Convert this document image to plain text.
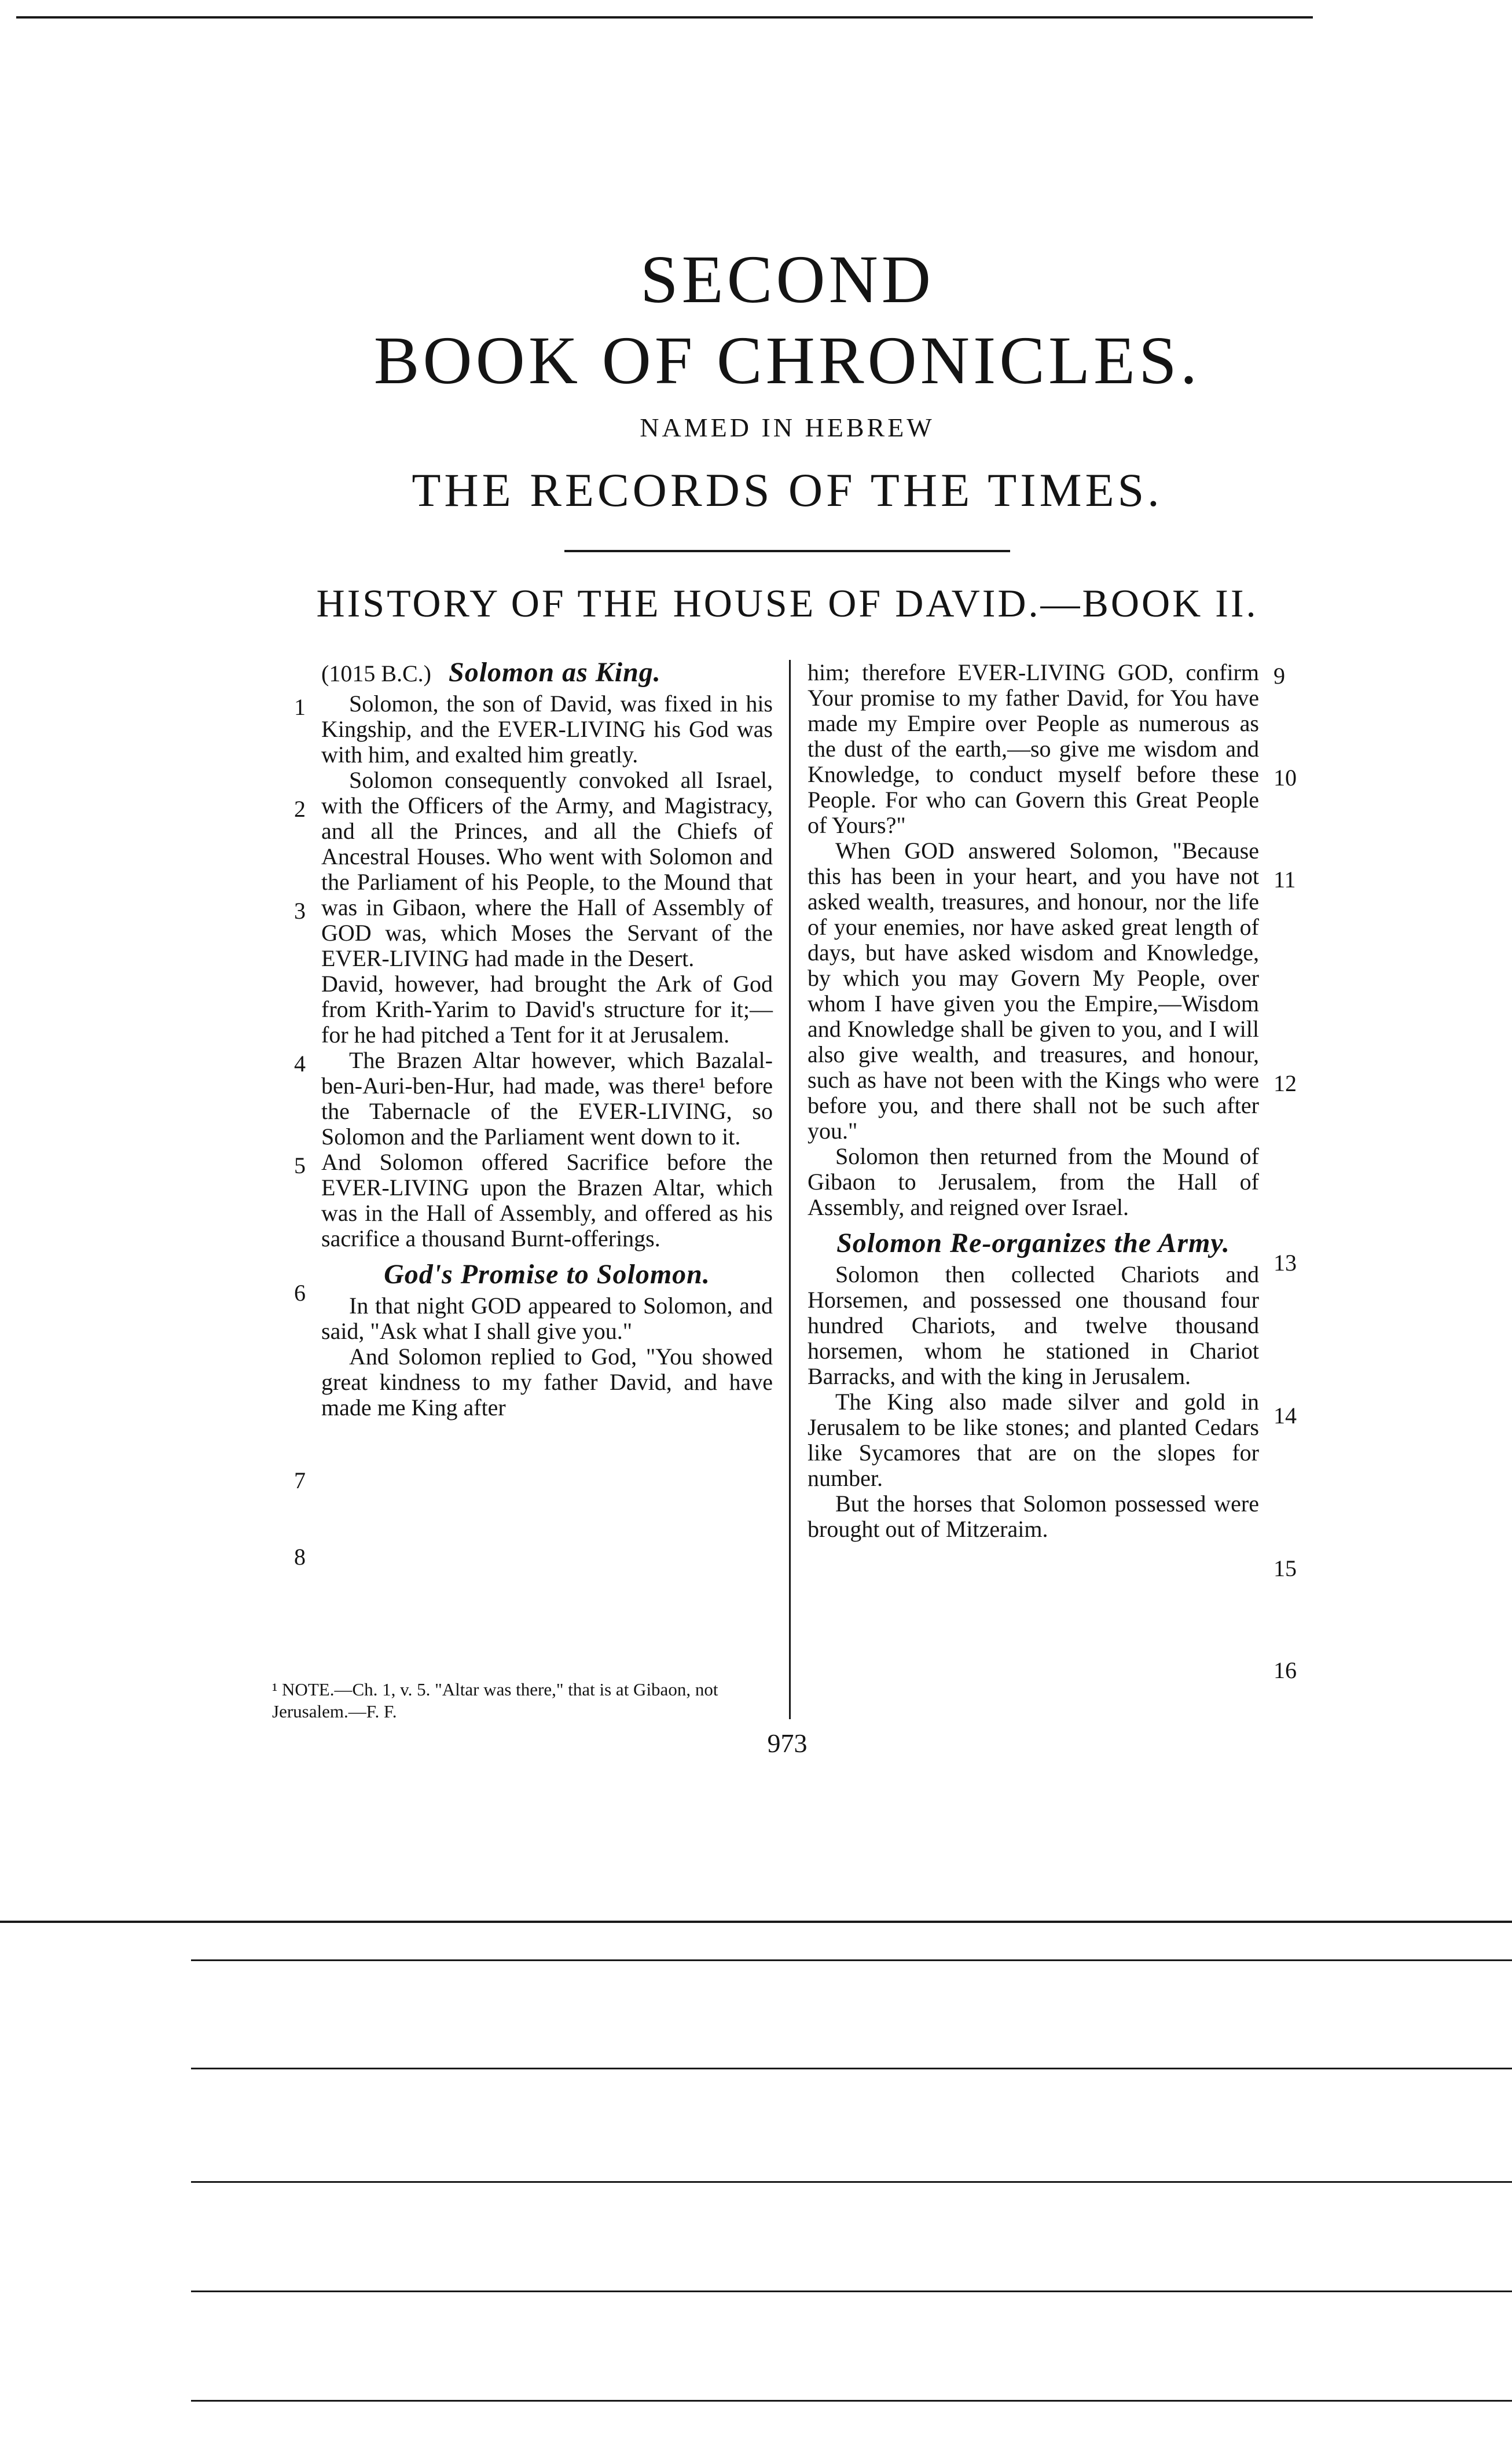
SECOND
BOOK OF CHRONICLES.
NAMED IN HEBREW
THE RECORDS OF THE TIMES.
HISTORY OF THE HOUSE OF DAVID.—BOOK II.
(1015 B.C.) Solomon as King.

Solomon, the son of David, was fixed in his Kingship, and the EVER-LIVING his God was with him, and exalted him greatly.

Solomon consequently convoked all Israel, with the Officers of the Army, and Magistracy, and all the Princes, and all the Chiefs of Ancestral Houses. Who went with Solomon and the Parliament of his People, to the Mound that was in Gibaon, where the Hall of Assembly of GOD was, which Moses the Servant of the EVER-LIVING had made in the Desert.

David, however, had brought the Ark of God from Krith-Yarim to David's structure for it;—for he had pitched a Tent for it at Jerusalem.

The Brazen Altar however, which Bazalal-ben-Auri-ben-Hur, had made, was there¹ before the Tabernacle of the EVER-LIVING, so Solomon and the Parliament went down to it.

And Solomon offered Sacrifice before the EVER-LIVING upon the Brazen Altar, which was in the Hall of Assembly, and offered as his sacrifice a thousand Burnt-offerings.

God's Promise to Solomon.

In that night GOD appeared to Solomon, and said, "Ask what I shall give you."

And Solomon replied to God, "You showed great kindness to my father David, and have made me King after

1
2
3
4
5
6
7
8

him; therefore EVER-LIVING GOD, confirm Your promise to my father David, for You have made my Empire over People as numerous as the dust of the earth,—so give me wisdom and Knowledge, to conduct myself before these People. For who can Govern this Great People of Yours?"

When GOD answered Solomon, "Because this has been in your heart, and you have not asked wealth, treasures, and honour, nor the life of your enemies, nor have asked great length of days, but have asked wisdom and Knowledge, by which you may Govern My People, over whom I have given you the Empire,—Wisdom and Knowledge shall be given to you, and I will also give wealth, and treasures, and honour, such as have not been with the Kings who were before you, and there shall not be such after you."

Solomon then returned from the Mound of Gibaon to Jerusalem, from the Hall of Assembly, and reigned over Israel.

Solomon Re-organizes the Army.

Solomon then collected Chariots and Horsemen, and possessed one thousand four hundred Chariots, and twelve thousand horsemen, whom he stationed in Chariot Barracks, and with the king in Jerusalem.

The King also made silver and gold in Jerusalem to be like stones; and planted Cedars like Sycamores that are on the slopes for number.

But the horses that Solomon possessed were brought out of Mitzeraim.

9
10
11
12
13
14
15
16
¹ NOTE.—Ch. 1, v. 5. "Altar was there," that is at Gibaon, not Jerusalem.—F. F.
973
